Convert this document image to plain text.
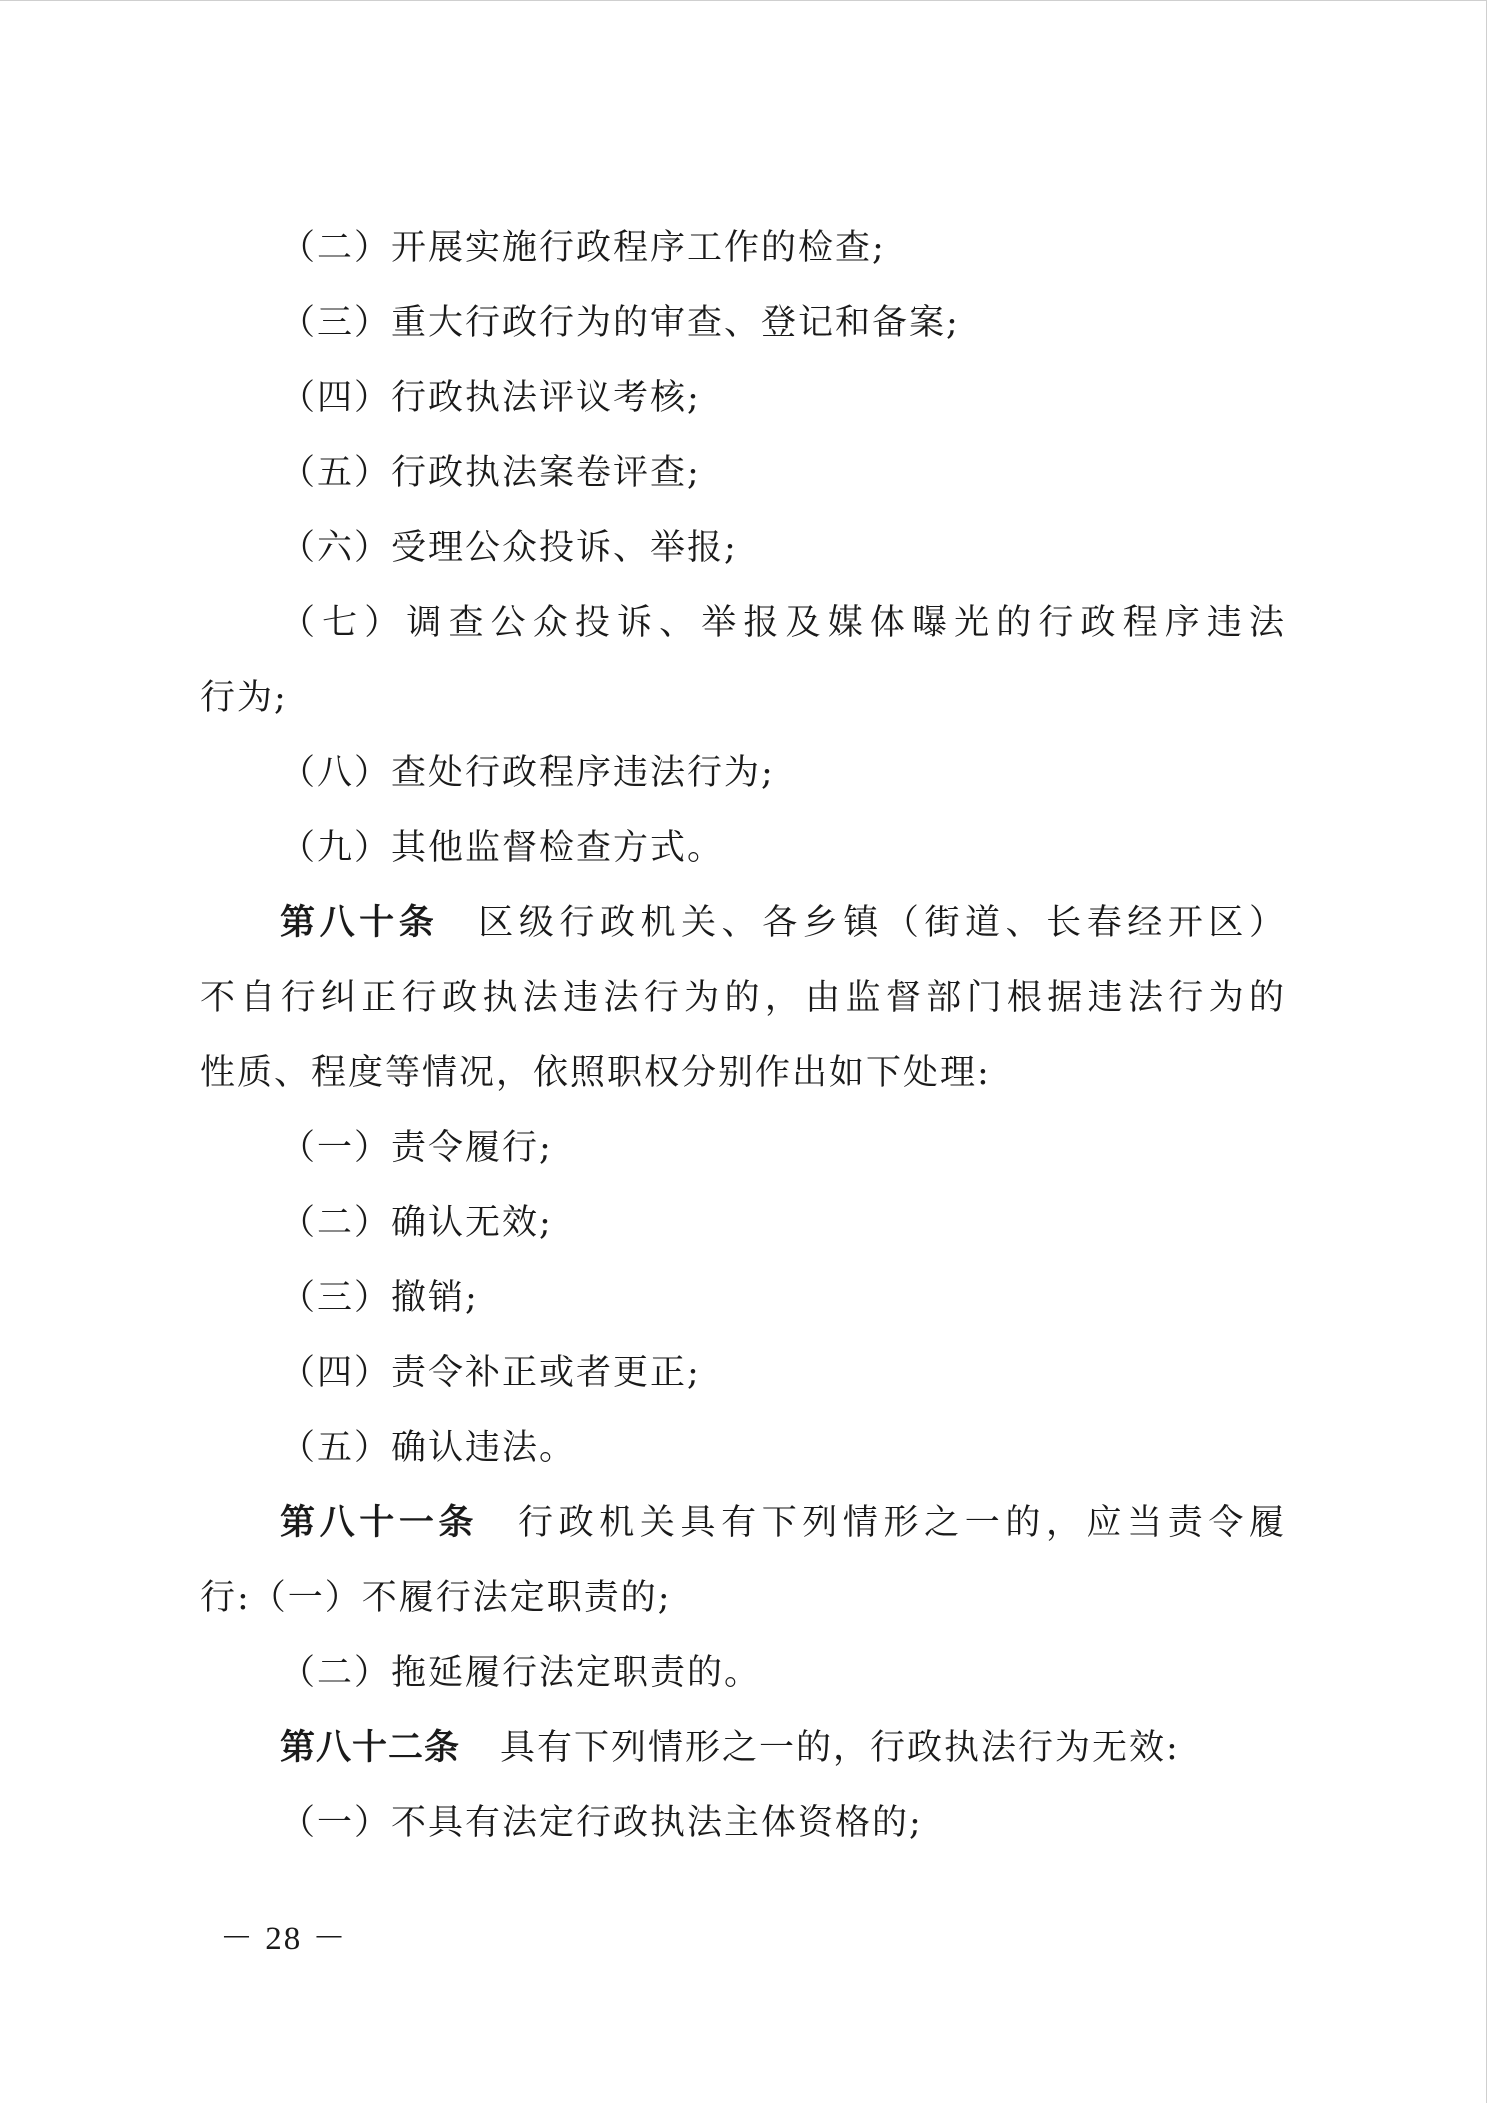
（二）开展实施行政程序工作的检查;
（三）重大行政行为的审查、登记和备案;
（四）行政执法评议考核;
（五）行政执法案卷评查;
（六）受理公众投诉、举报;
（七）调查公众投诉、举报及媒体曝光的行政程序违法
行为;
（八）查处行政程序违法行为;
（九）其他监督检查方式。
第八十条 区级行政机关、各乡镇（街道、长春经开区）
不自行纠正行政执法违法行为的，由监督部门根据违法行为的
性质、程度等情况，依照职权分别作出如下处理:
（一）责令履行;
（二）确认无效;
（三）撤销;
（四）责令补正或者更正;
（五）确认违法。
第八十一条 行政机关具有下列情形之一的，应当责令履
行:（一）不履行法定职责的;
（二）拖延履行法定职责的。
第八十二条 具有下列情形之一的，行政执法行为无效:
（一）不具有法定行政执法主体资格的;
－ 28 －
